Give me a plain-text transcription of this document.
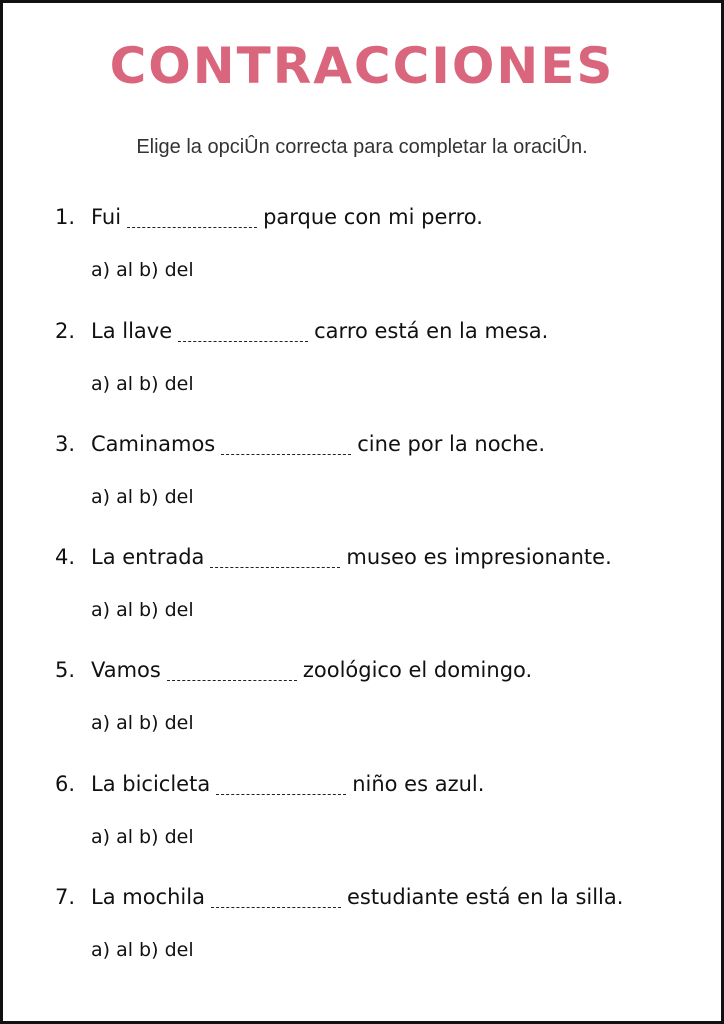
CONTRACCIONES
Elige la opciÛn correcta para completar la oraciÛn.
1. Fui	parque con mi perro.
a) al b) del
2. La llave	carro está en la mesa.
a) al b) del
3. Caminamos	cine por la noche.
a) al b) del
4. La entrada	museo es impresionante.
a) al b) del
5. Vamos	zoológico el domingo.
a) al b) del
6. La bicicleta	niño es azul.
a) al b) del
7. La mochila	estudiante está en la silla.
a) al b) del
